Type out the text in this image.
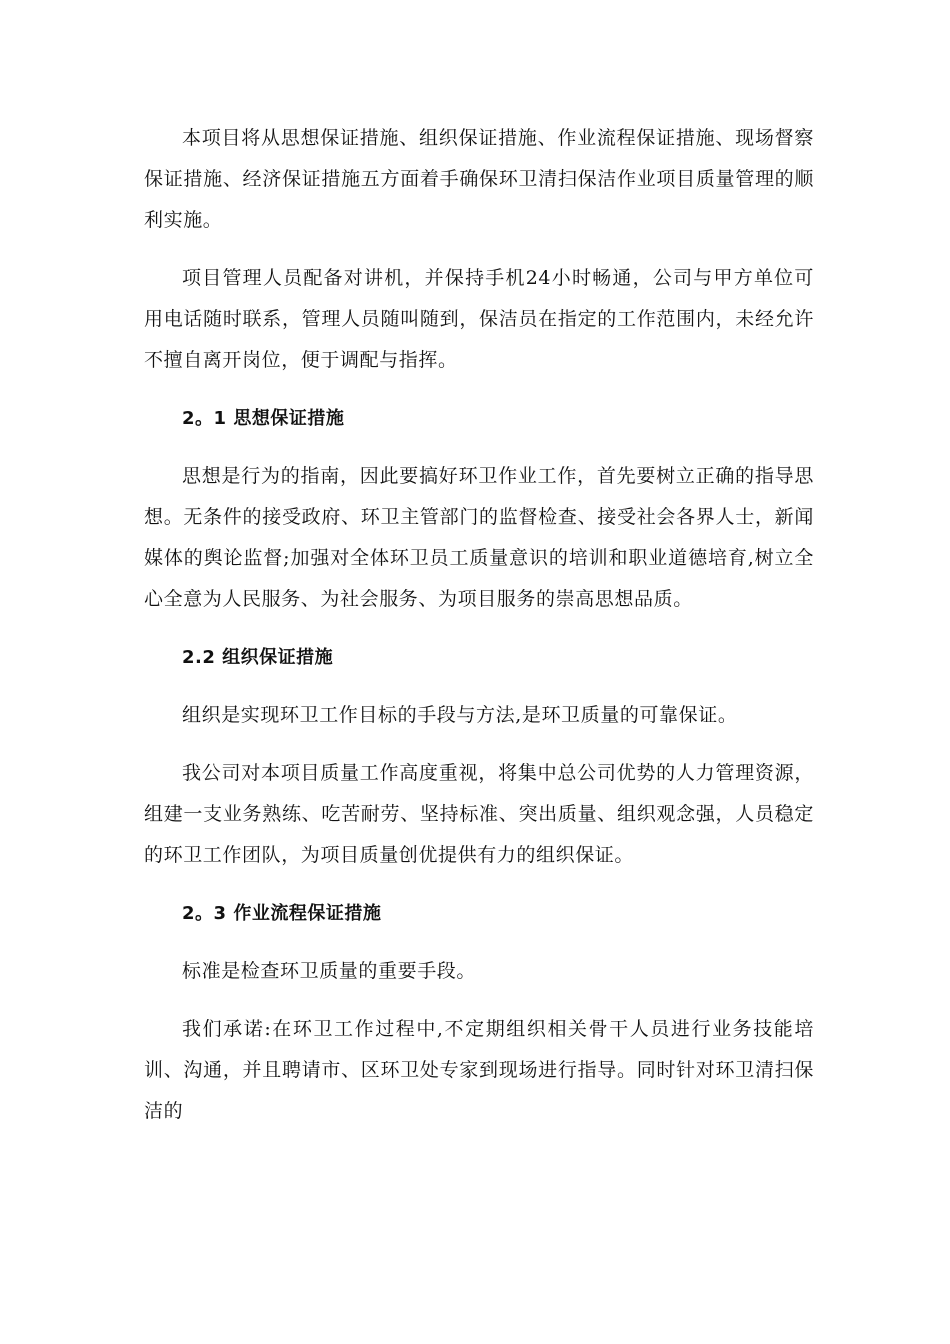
本项目将从思想保证措施、组织保证措施、作业流程保证措施、现场督察保证措施、经济保证措施五方面着手确保环卫清扫保洁作业项目质量管理的顺利实施。

项目管理人员配备对讲机，并保持手机24小时畅通，公司与甲方单位可用电话随时联系，管理人员随叫随到，保洁员在指定的工作范围内，未经允许不擅自离开岗位，便于调配与指挥。

2。1 思想保证措施

思想是行为的指南，因此要搞好环卫作业工作，首先要树立正确的指导思想。无条件的接受政府、环卫主管部门的监督检查、接受社会各界人士，新闻媒体的舆论监督;加强对全体环卫员工质量意识的培训和职业道德培育,树立全心全意为人民服务、为社会服务、为项目服务的崇高思想品质。

2.2 组织保证措施

组织是实现环卫工作目标的手段与方法,是环卫质量的可靠保证。

我公司对本项目质量工作高度重视，将集中总公司优势的人力管理资源，组建一支业务熟练、吃苦耐劳、坚持标准、突出质量、组织观念强，人员稳定的环卫工作团队，为项目质量创优提供有力的组织保证。

2。3 作业流程保证措施

标准是检查环卫质量的重要手段。

我们承诺:在环卫工作过程中,不定期组织相关骨干人员进行业务技能培训、沟通，并且聘请市、区环卫处专家到现场进行指导。同时针对环卫清扫保洁的
